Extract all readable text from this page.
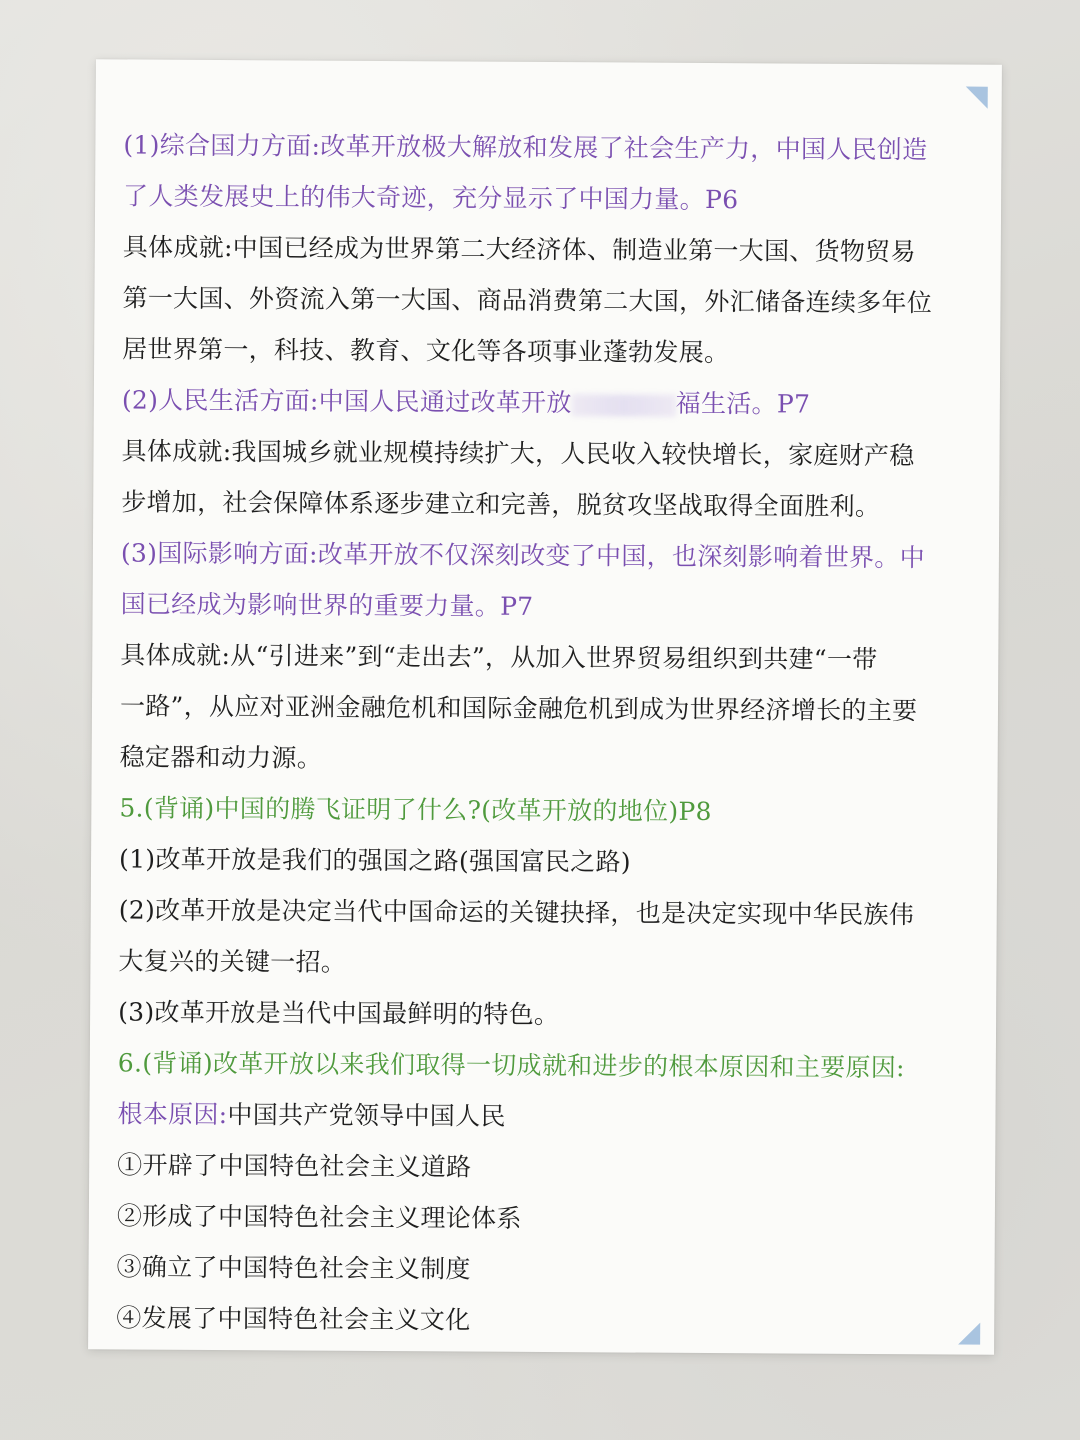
(1)综合国力方面:改革开放极大解放和发展了社会生产力，中国人民创造
了人类发展史上的伟大奇迹，充分显示了中国力量。P6
具体成就:中国已经成为世界第二大经济体、制造业第一大国、货物贸易
第一大国、外资流入第一大国、商品消费第二大国，外汇储备连续多年位
居世界第一，科技、教育、文化等各项事业蓬勃发展。
(2)人民生活方面:中国人民通过改革开放	福生活。P7
具体成就:我国城乡就业规模持续扩大，人民收入较快增长，家庭财产稳
步增加，社会保障体系逐步建立和完善，脱贫攻坚战取得全面胜利。
(3)国际影响方面:改革开放不仅深刻改变了中国，也深刻影响着世界。中
国已经成为影响世界的重要力量。P7
具体成就:从“引进来”到“走出去”，从加入世界贸易组织到共建“一带
一路”，从应对亚洲金融危机和国际金融危机到成为世界经济增长的主要
稳定器和动力源。
5.(背诵)中国的腾飞证明了什么?(改革开放的地位)P8
(1)改革开放是我们的强国之路(强国富民之路)
(2)改革开放是决定当代中国命运的关键抉择，也是决定实现中华民族伟
大复兴的关键一招。
(3)改革开放是当代中国最鲜明的特色。
6.(背诵)改革开放以来我们取得一切成就和进步的根本原因和主要原因:
根本原因:中国共产党领导中国人民
①开辟了中国特色社会主义道路
②形成了中国特色社会主义理论体系
③确立了中国特色社会主义制度
④发展了中国特色社会主义文化
